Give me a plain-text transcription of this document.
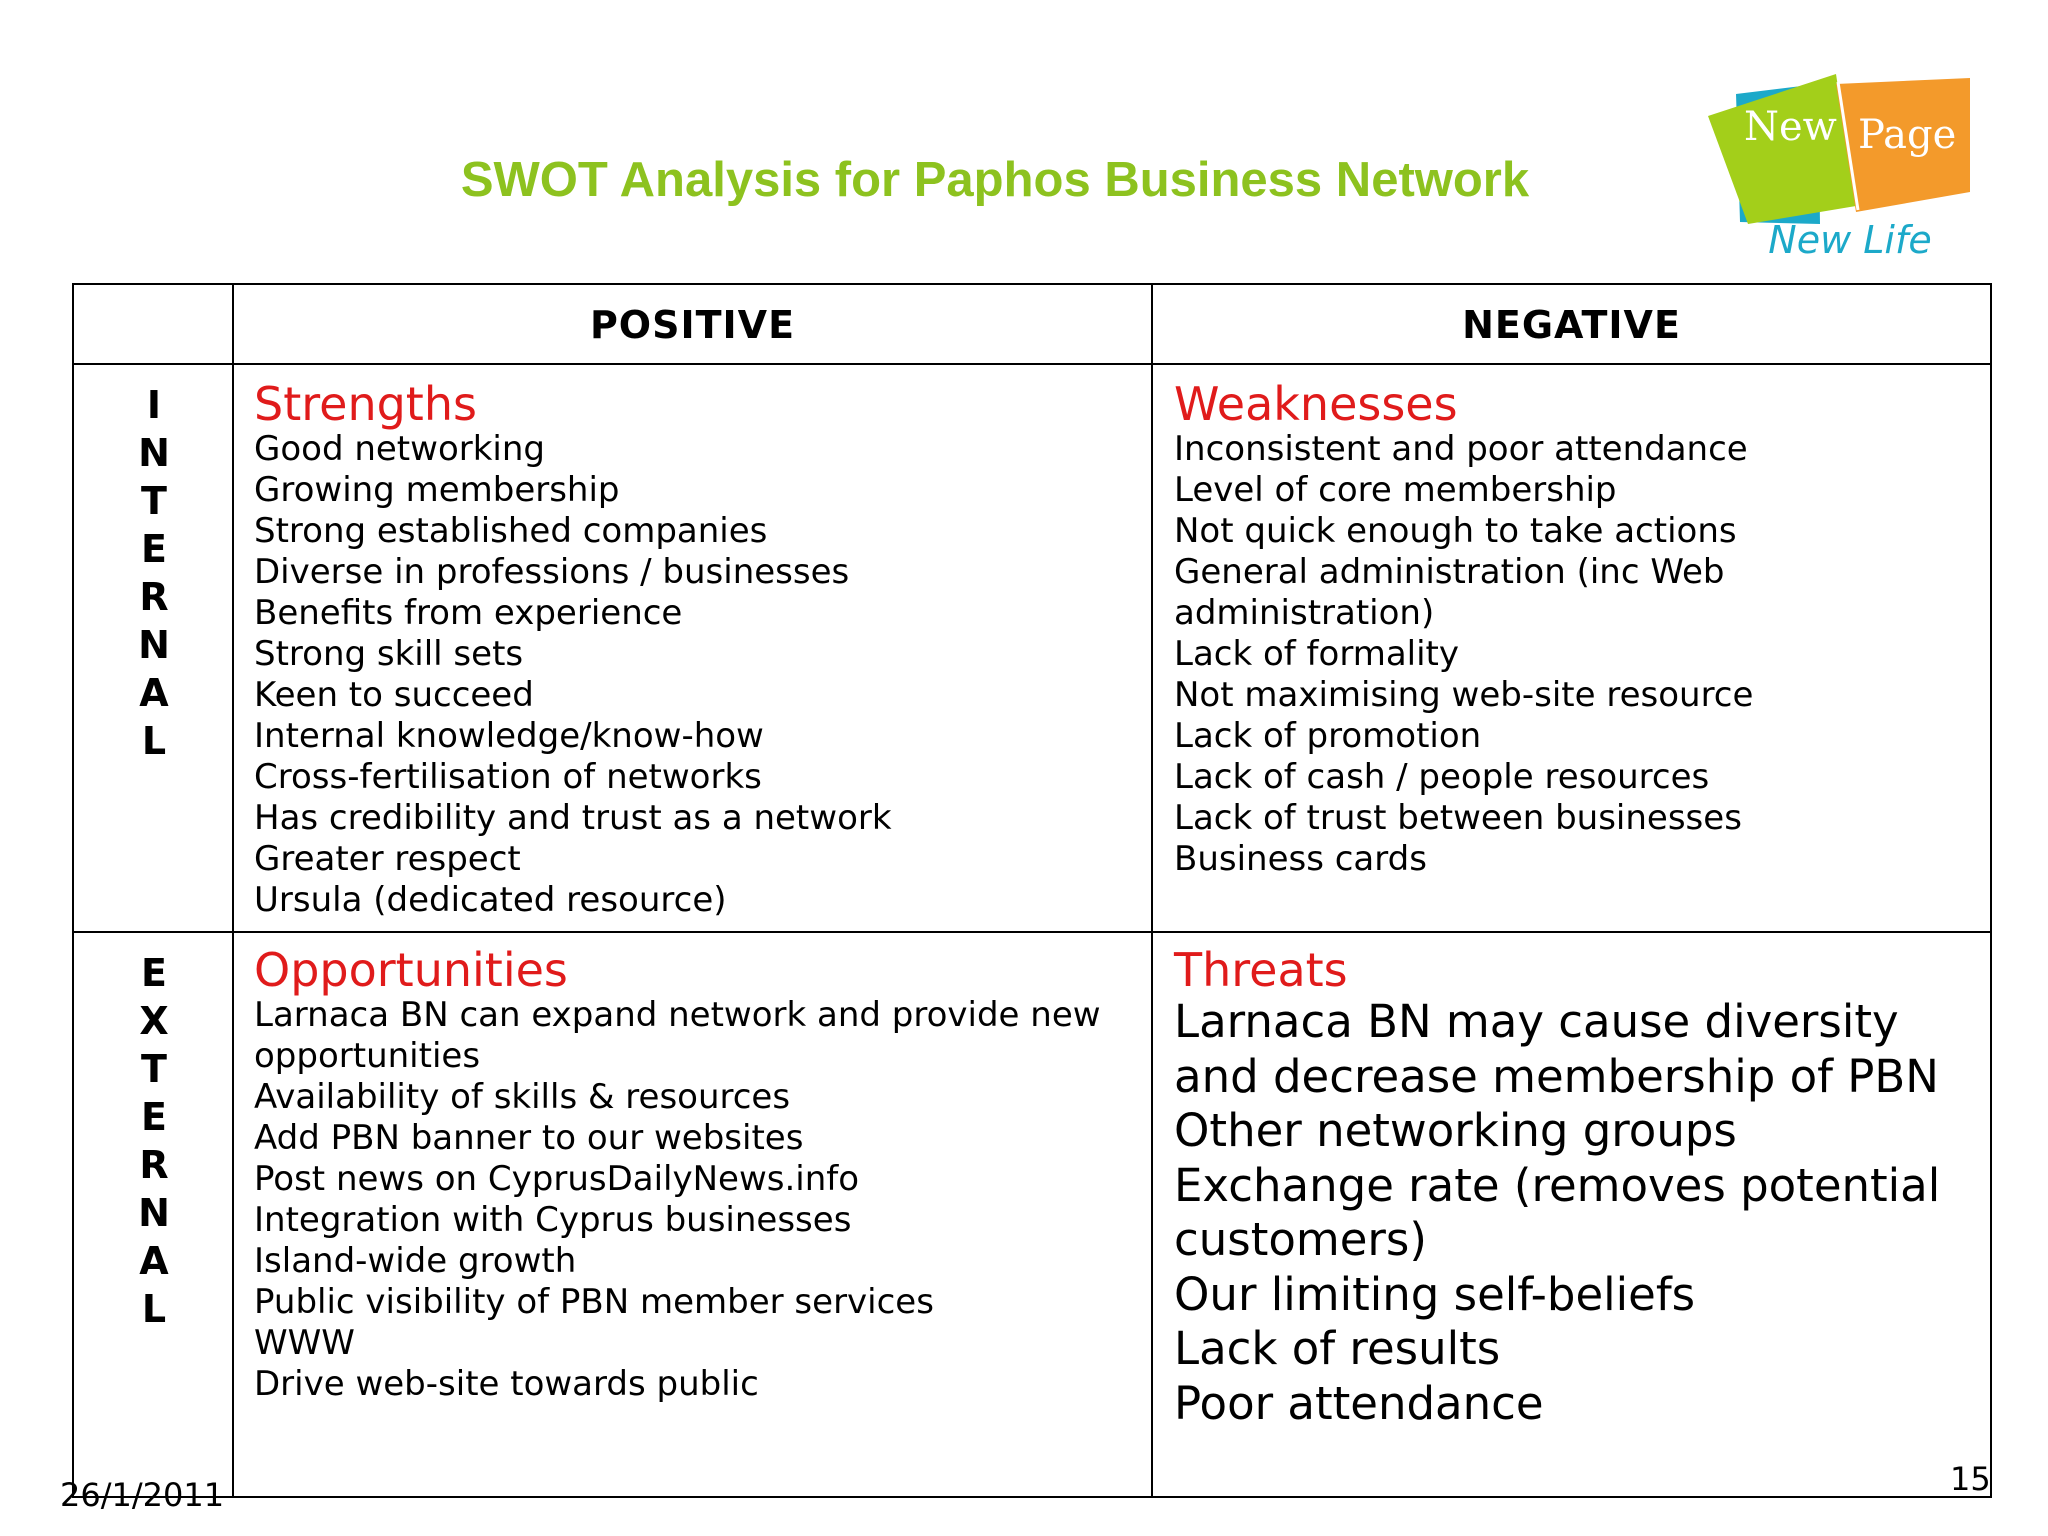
SWOT Analysis for Paphos Business Network
New Page
New Life
POSITIVE	NEGATIVE
I
N
T
E
R
N
A
L
E
X
T
E
R
N
A
L
Strengths
Good networking
Growing membership
Strong established companies
Diverse in professions / businesses
Benefits from experience
Strong skill sets
Keen to succeed
Internal knowledge/know-how
Cross-fertilisation of networks
Has credibility and trust as a network
Greater respect
Ursula (dedicated resource)
Weaknesses
Inconsistent and poor attendance
Level of core membership
Not quick enough to take actions
General administration (inc Web
administration)
Lack of formality
Not maximising web-site resource
Lack of promotion
Lack of cash / people resources
Lack of trust between businesses
Business cards
Opportunities
Larnaca BN can expand network and provide new
opportunities
Availability of skills & resources
Add PBN banner to our websites
Post news on CyprusDailyNews.info
Integration with Cyprus businesses
Island-wide growth
Public visibility of PBN member services
WWW
Drive web-site towards public
Threats
Larnaca BN may cause diversity
and decrease membership of PBN
Other networking groups
Exchange rate (removes potential
customers)
Our limiting self-beliefs
Lack of results
Poor attendance
26/1/2011	15
